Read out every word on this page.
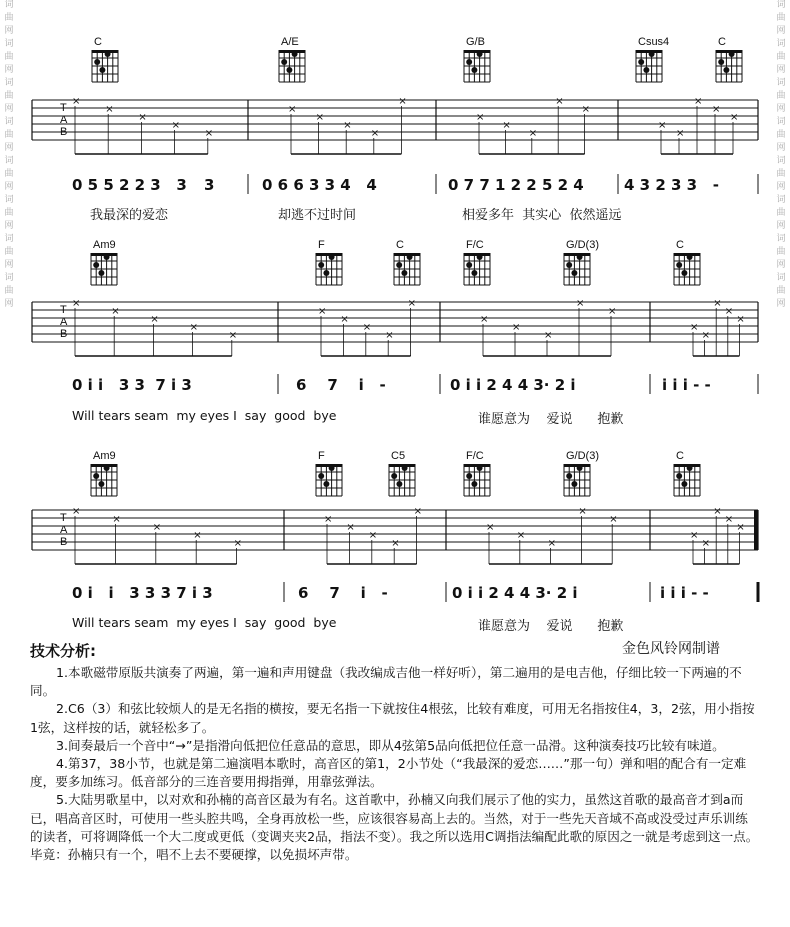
词
曲
网
词
曲
网
词
曲
网
词
曲
网
词
曲
网
词
曲
网
词
曲
网
词
曲
网
词
曲
网
词
曲
网
词
曲
网
词
曲
网
词
曲
网
词
曲
网
词
曲
网
词
曲
网
×
×
×
×
×
×
×
×
×
×
×
×
×
×
×
×
×
×
×
×
×
×
×
×
×
×
×
×
×
×
×
×
×
×
×
×
×
×
×
×
×
×
×
×
×
×
×
×
×
×
×
×
×
×
×
×
×
×
×
×
T
A
B
C	A/E	G/B	Csus4	C
0 5 5 2 2 3   3 3	0 6 6 3 3 4   4	0 7 7 1 2 2 5 2 4	4 3 2 3 3   -
我最深的爱恋	却逃不过时间	相爱多年  其实心  依然遥远
T
A
B
Am9	F	C	F/C	G/D(3)	C
0 i i   3 3  7 i 3	6    7    i   -	0 i i 2 4 4 3· 2 i	i i i - -
Will tears seam  my eyes I  say  good  bye	谁愿意为    爱说      抱歉
T
A
B
Am9	F	C5	F/C	G/D(3)	C
0 i   i   3 3 3 7 i 3	6    7    i   -	0 i i 2 4 4 3· 2 i	i i i - -
Will tears seam  my eyes I  say  good  bye	谁愿意为    爱说      抱歉
技术分析:	金色风铃网制谱

1.本歌磁带原版共演奏了两遍，第一遍和声用键盘（我改编成吉他一样好听），第二遍用的是电吉他，仔细比较一下两遍的不同。

2.C6（3）和弦比较烦人的是无名指的横按，要无名指一下就按住4根弦，比较有难度，可用无名指按住4，3，2弦，用小指按1弦，这样按的话，就轻松多了。

3.间奏最后一个音中“→”是指滑向低把位任意品的意思，即从4弦第5品向低把位任意一品滑。这种演奏技巧比较有味道。

4.第37，38小节，也就是第二遍演唱本歌时，高音区的第1，2小节处（“我最深的爱恋……”那一句）弹和唱的配合有一定难度，要多加练习。低音部分的三连音要用拇指弹，用靠弦弹法。

5.大陆男歌星中，以对欢和孙楠的高音区最为有名。这首歌中，孙楠又向我们展示了他的实力，虽然这首歌的最高音才到a而已，唱高音区时，可使用一些头腔共鸣，全身再放松一些，应该很容易高上去的。当然，对于一些先天音域不高或没受过声乐训练的读者，可将调降低一个大二度或更低（变调夹夹2品，指法不变）。我之所以选用C调指法编配此歌的原因之一就是考虑到这一点。毕竟：孙楠只有一个，唱不上去不要硬撑，以免损坏声带。
